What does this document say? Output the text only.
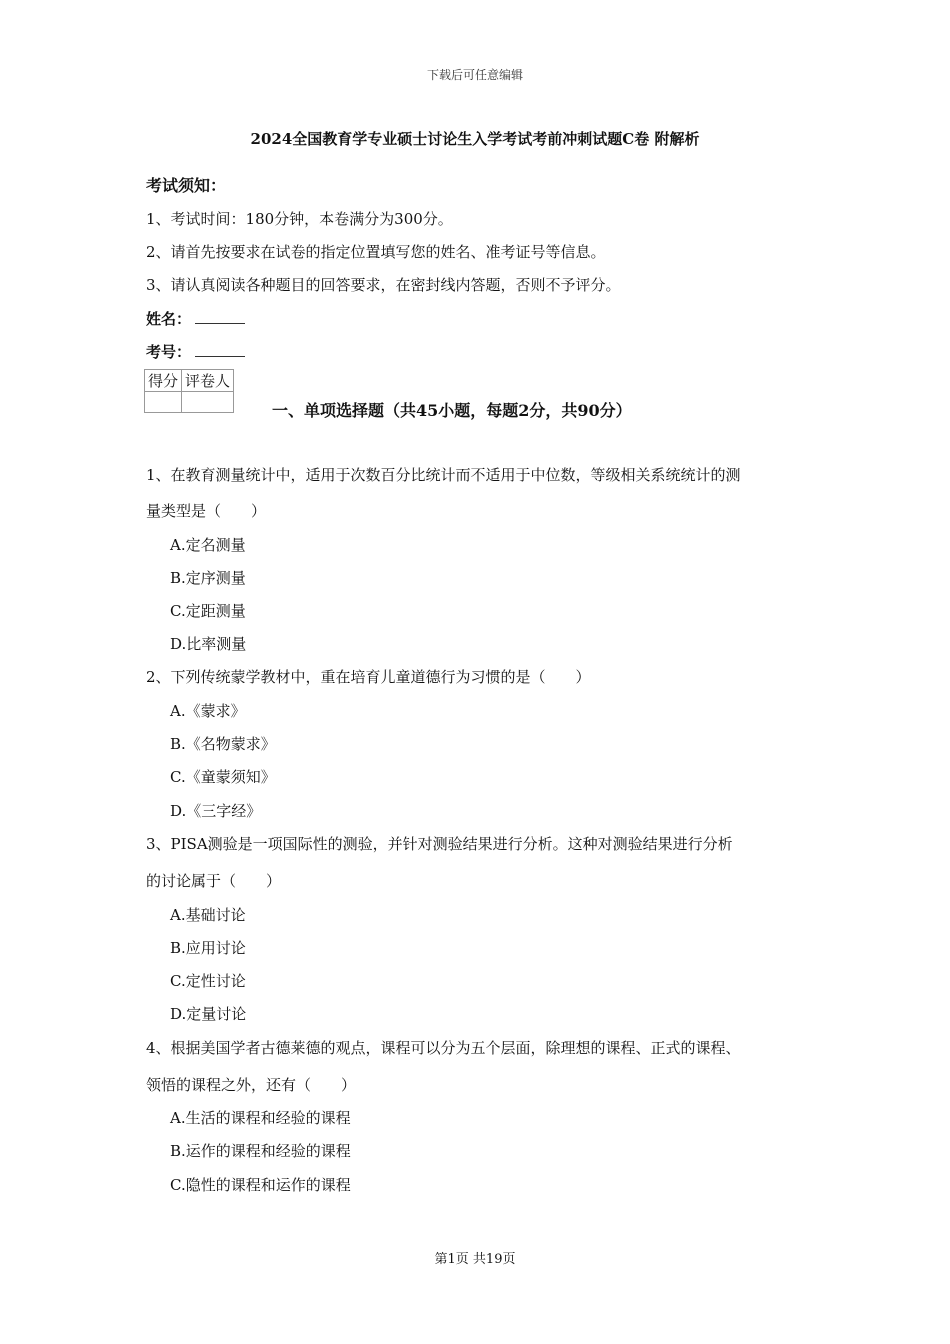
下载后可任意编辑
2024全国教育学专业硕士讨论生入学考试考前冲刺试题C卷 附解析
考试须知：
1、考试时间：180分钟，本卷满分为300分。
2、请首先按要求在试卷的指定位置填写您的姓名、准考证号等信息。
3、请认真阅读各种题目的回答要求，在密封线内答题，否则不予评分。
姓名：
考号：
得分	评卷人

一、单项选择题（共45小题，每题2分，共90分）
1、在教育测量统计中，适用于次数百分比统计而不适用于中位数，等级相关系统统计的测
量类型是（　　）
A.定名测量
B.定序测量
C.定距测量
D.比率测量
2、下列传统蒙学教材中，重在培育儿童道德行为习惯的是（　　）
A.《蒙求》
B.《名物蒙求》
C.《童蒙须知》
D.《三字经》
3、PISA测验是一项国际性的测验，并针对测验结果进行分析。这种对测验结果进行分析
的讨论属于（　　）
A.基础讨论
B.应用讨论
C.定性讨论
D.定量讨论
4、根据美国学者古德莱德的观点，课程可以分为五个层面，除理想的课程、正式的课程、
领悟的课程之外，还有（　　）
A.生活的课程和经验的课程
B.运作的课程和经验的课程
C.隐性的课程和运作的课程
第1页 共19页
